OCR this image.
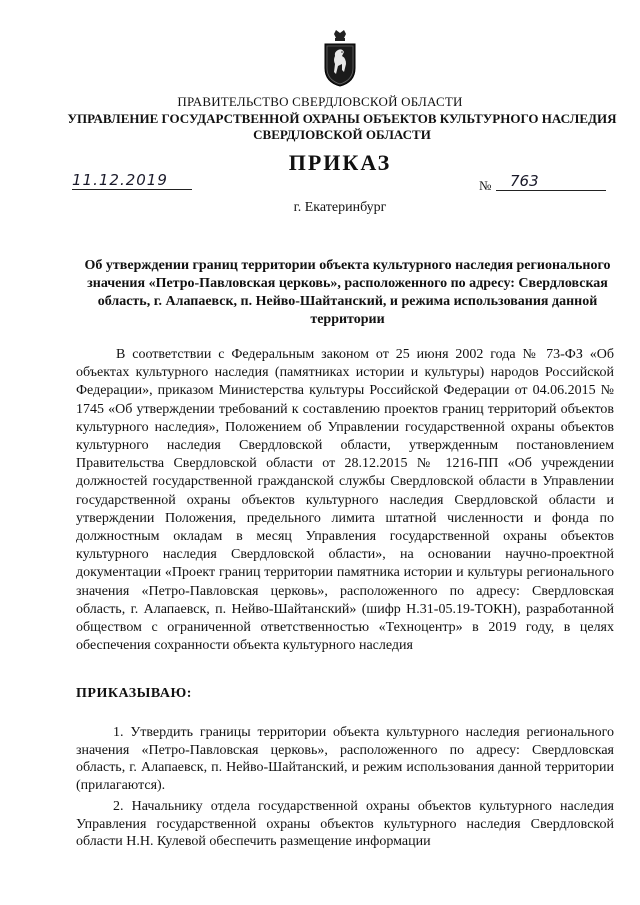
ПРАВИТЕЛЬСТВО СВЕРДЛОВСКОЙ ОБЛАСТИ
УПРАВЛЕНИЕ ГОСУДАРСТВЕННОЙ ОХРАНЫ ОБЪЕКТОВ КУЛЬТУРНОГО НАСЛЕДИЯ СВЕРДЛОВСКОЙ ОБЛАСТИ
ПРИКАЗ
11.12.2019	№ 763
г. Екатеринбург
Об утверждении границ территории объекта культурного наследия регионального значения «Петро-Павловская церковь», расположенного по адресу: Свердловская область, г. Алапаевск, п. Нейво-Шайтанский, и режима использования данной территории

В соответствии с Федеральным законом от 25 июня 2002 года № 73-ФЗ «Об объектах культурного наследия (памятниках истории и культуры) народов Российской Федерации», приказом Министерства культуры Российской Федерации от 04.06.2015 № 1745 «Об утверждении требований к составлению проектов границ территорий объектов культурного наследия», Положением об Управлении государственной охраны объектов культурного наследия Свердловской области, утвержденным постановлением Правительства Свердловской области от 28.12.2015 № 1216-ПП «Об учреждении должностей государственной гражданской службы Свердловской области в Управлении государственной охраны объектов культурного наследия Свердловской области и утверждении Положения, предельного лимита штатной численности и фонда по должностным окладам в месяц Управления государственной охраны объектов культурного наследия Свердловской области», на основании научно-проектной документации «Проект границ территории памятника истории и культуры регионального значения «Петро-Павловская церковь», расположенного по адресу: Свердловская область, г. Алапаевск, п. Нейво-Шайтанский» (шифр Н.31-05.19-ТОКН), разработанной обществом с ограниченной ответственностью «Техноцентр» в 2019 году, в целях обеспечения сохранности объекта культурного наследия

ПРИКАЗЫВАЮ:

1. Утвердить границы территории объекта культурного наследия регионального значения «Петро-Павловская церковь», расположенного по адресу: Свердловская область, г. Алапаевск, п. Нейво-Шайтанский, и режим использования данной территории (прилагаются).

2. Начальнику отдела государственной охраны объектов культурного наследия Управления государственной охраны объектов культурного наследия Свердловской области Н.Н. Кулевой обеспечить размещение информации
